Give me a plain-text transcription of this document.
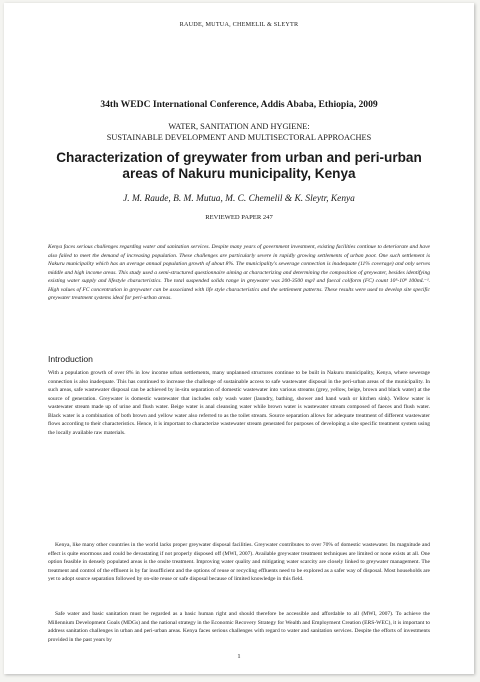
RAUDE, MUTUA, CHEMELIL & SLEYTR
34th WEDC International Conference, Addis Ababa, Ethiopia, 2009
WATER, SANITATION AND HYGIENE:
SUSTAINABLE DEVELOPMENT AND MULTISECTORAL APPROACHES
Characterization of greywater from urban and peri-urban areas of Nakuru municipality, Kenya
J. M. Raude, B. M. Mutua, M. C. Chemelil & K. Sleytr, Kenya
REVIEWED PAPER 247

Kenya faces serious challenges regarding water and sanitation services. Despite many years of government investment, existing facilities continue to deteriorate and have also failed to meet the demand of increasing population. These challenges are particularly severe in rapidly growing settlements of urban poor. One such settlement is Nakuru municipality which has an average annual population growth of about 8%. The municipality's sewerage connection is inadequate (11% coverage) and only serves middle and high income areas. This study used a semi-structured questionnaire aiming at characterizing and determining the composition of greywater, besides identifying existing water supply and lifestyle characteristics. The total suspended solids range in greywater was 200-3500 mg/l and faecal coliform (FC) count 10⁵-10⁸ 100mL⁻¹. High values of FC concentration in greywater can be associated with life style characteristics and the settlement patterns. These results were used to develop site specific greywater treatment systems ideal for peri-urban areas.

Introduction

With a population growth of over 8% in low income urban settlements, many unplanned structures continue to be built in Nakuru municipality, Kenya, where sewerage connection is also inadequate. This has continued to increase the challenge of sustainable access to safe wastewater disposal in the peri-urban areas of the municipality. In such areas, safe wastewater disposal can be achieved by in-situ separation of domestic wastewater into various streams (grey, yellow, beige, brown and black water) at the source of generation. Greywater is domestic wastewater that includes only wash water (laundry, bathing, shower and hand wash or kitchen sink). Yellow water is wastewater stream made up of urine and flush water. Beige water is anal cleansing water while brown water is wastewater stream composed of faeces and flush water. Black water is a combination of both brown and yellow water also referred to as the toilet stream. Source separation allows for adequate treatment of different wastewater flows according to their characteristics. Hence, it is important to characterize wastewater stream generated for purposes of developing a site specific treatment system using the locally available raw materials.

Kenya, like many other countries in the world lacks proper greywater disposal facilities. Greywater contributes to over 70% of domestic wastewater. Its magnitude and effect is quite enormous and could be devastating if not properly disposed off (MWI, 2007). Available greywater treatment techniques are limited or none exists at all. One option feasible in densely populated areas is the onsite treatment. Improving water quality and mitigating water scarcity are closely linked to greywater management. The treatment and control of the effluent is by far insufficient and the options of reuse or recycling effluents need to be explored as a safer way of disposal. Most households are yet to adopt source separation followed by on-site reuse or safe disposal because of limited knowledge in this field.

Safe water and basic sanitation must be regarded as a basic human right and should therefore be accessible and affordable to all (MWI, 2007). To achieve the Millennium Development Goals (MDGs) and the national strategy in the Economic Recovery Strategy for Wealth and Employment Creation (ERS-WEC), it is important to address sanitation challenges in urban and peri-urban areas. Kenya faces serious challenges with regard to water and sanitation services. Despite the efforts of investments provided in the past years by

1
